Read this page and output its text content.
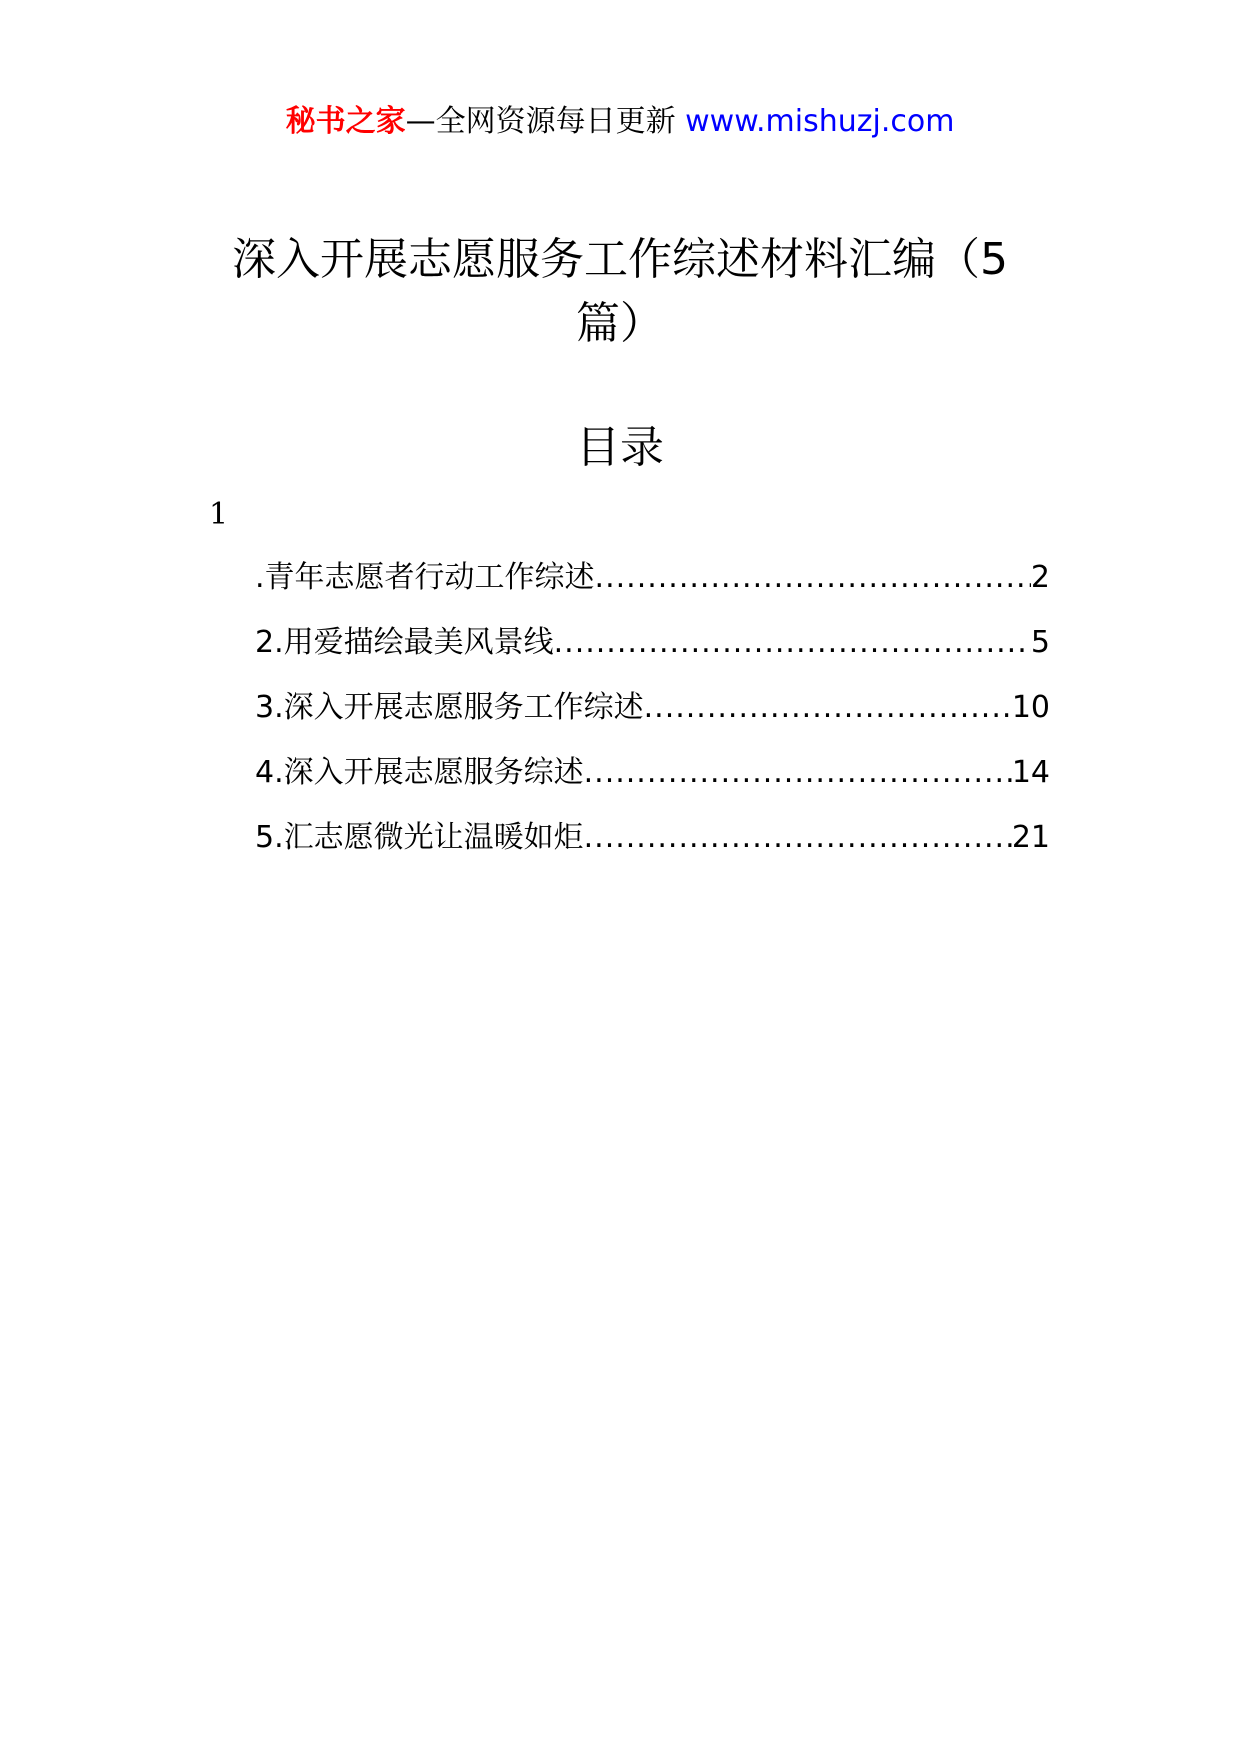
秘书之家—全网资源每日更新 www.mishuzj.com
深入开展志愿服务工作综述材料汇编（5
篇）
目录
1
.青年志愿者行动工作综述 .....	2
2.用爱描绘最美风景线 .....	5
3.深入开展志愿服务工作综述 .....	10
4.深入开展志愿服务综述 .....	14
5.汇志愿微光让温暖如炬 .....	21
